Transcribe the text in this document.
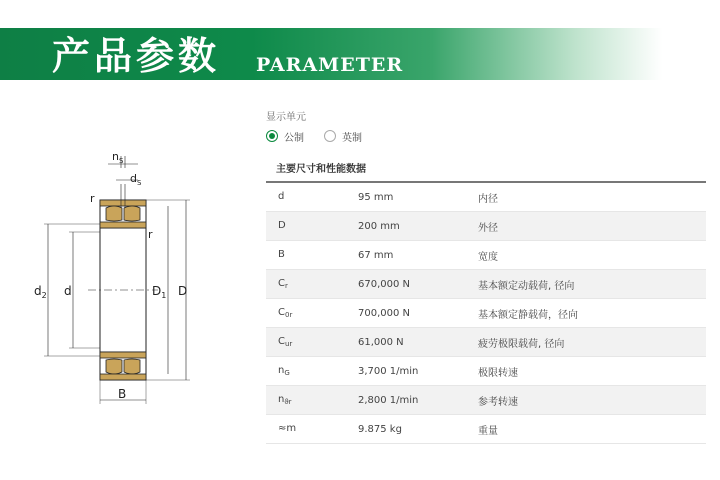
产品参数 PARAMETER
$n_S$
$d_S$
r
r
$d_2$ d	$D_1$ D
B
显示单元
公制	英制
主要尺寸和性能数据
d	95 mm	内径
D	200 mm	外径
B	67 mm	宽度
$C_r$	670,000 N	基本额定动载荷, 径向
$C_{0r}$	700,000 N	基本额定静载荷，径向
$C_{ur}$	61,000 N	疲劳极限载荷, 径向
$n_G$	3,700 1/min	极限转速
$n_{ϑr}$	2,800 1/min	参考转速
≈m	9.875 kg	重量
